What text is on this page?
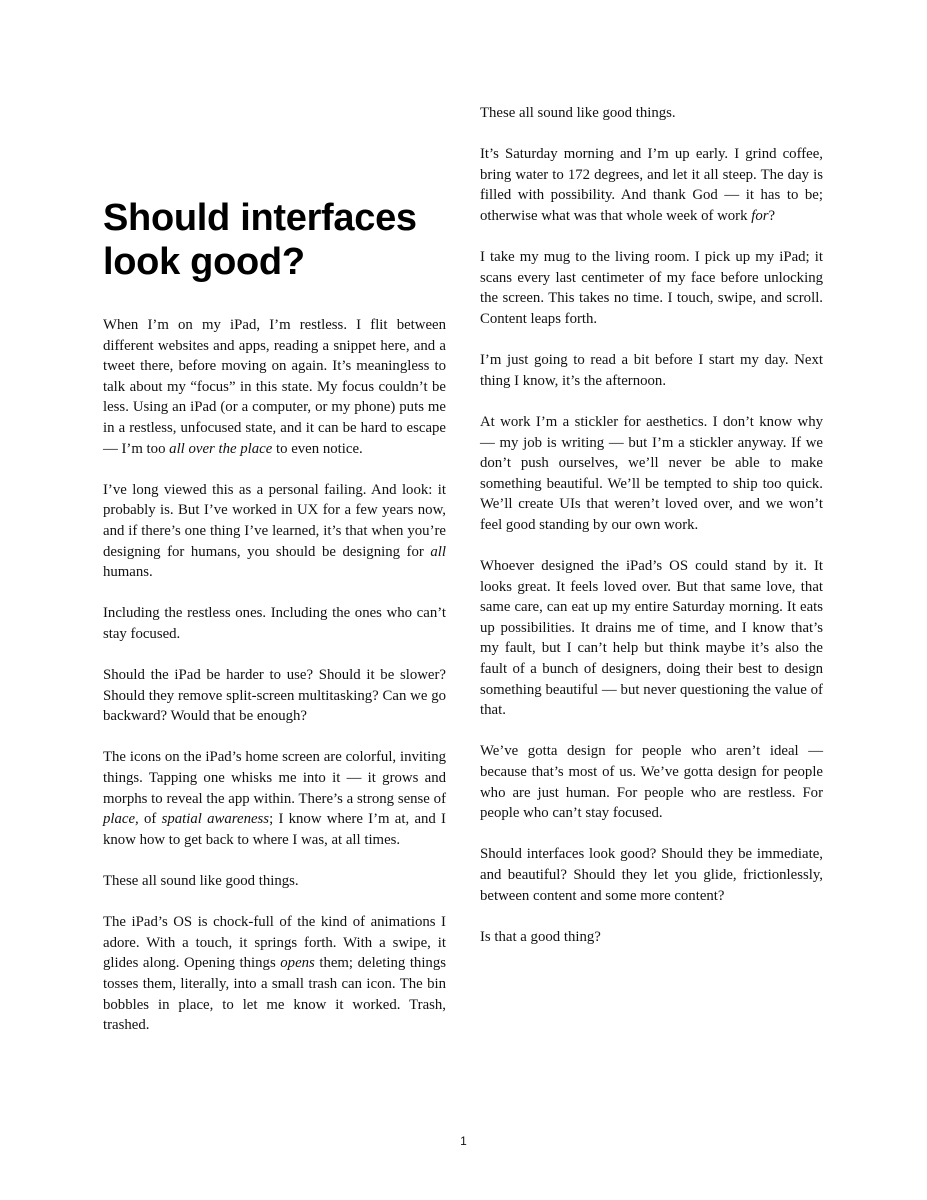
Should interfaces look good?

When I’m on my iPad, I’m restless. I flit between different websites and apps, reading a snippet here, and a tweet there, before moving on again. It’s meaningless to talk about my “focus” in this state. My focus couldn’t be less. Using an iPad (or a computer, or my phone) puts me in a restless, unfocused state, and it can be hard to escape — I’m too all over the place to even notice.

I’ve long viewed this as a personal failing. And look: it probably is. But I’ve worked in UX for a few years now, and if there’s one thing I’ve learned, it’s that when you’re designing for humans, you should be designing for all humans.

Including the restless ones. Including the ones who can’t stay focused.

Should the iPad be harder to use? Should it be slower? Should they remove split-screen multitasking? Can we go backward? Would that be enough?

The icons on the iPad’s home screen are colorful, inviting things. Tapping one whisks me into it — it grows and morphs to reveal the app within. There’s a strong sense of place, of spatial awareness; I know where I’m at, and I know how to get back to where I was, at all times.

These all sound like good things.

The iPad’s OS is chock-full of the kind of animations I adore. With a touch, it springs forth. With a swipe, it glides along. Opening things opens them; deleting things tosses them, literally, into a small trash can icon. The bin bobbles in place, to let me know it worked. Trash, trashed.

These all sound like good things.

It’s Saturday morning and I’m up early. I grind coffee, bring water to 172 degrees, and let it all steep. The day is filled with possibility. And thank God — it has to be; otherwise what was that whole week of work for?

I take my mug to the living room. I pick up my iPad; it scans every last centimeter of my face before unlocking the screen. This takes no time. I touch, swipe, and scroll. Content leaps forth.

I’m just going to read a bit before I start my day. Next thing I know, it’s the afternoon.

At work I’m a stickler for aesthetics. I don’t know why — my job is writing — but I’m a stickler anyway. If we don’t push ourselves, we’ll never be able to make something beautiful. We’ll be tempted to ship too quick. We’ll create UIs that weren’t loved over, and we won’t feel good standing by our own work.

Whoever designed the iPad’s OS could stand by it. It looks great. It feels loved over. But that same love, that same care, can eat up my entire Saturday morning. It eats up possibilities. It drains me of time, and I know that’s my fault, but I can’t help but think maybe it’s also the fault of a bunch of designers, doing their best to design something beautiful — but never questioning the value of that.

We’ve gotta design for people who aren’t ideal — because that’s most of us. We’ve gotta design for people who are just human. For people who are restless. For people who can’t stay focused.

Should interfaces look good? Should they be immediate, and beautiful? Should they let you glide, frictionlessly, between content and some more content?

Is that a good thing?

1
